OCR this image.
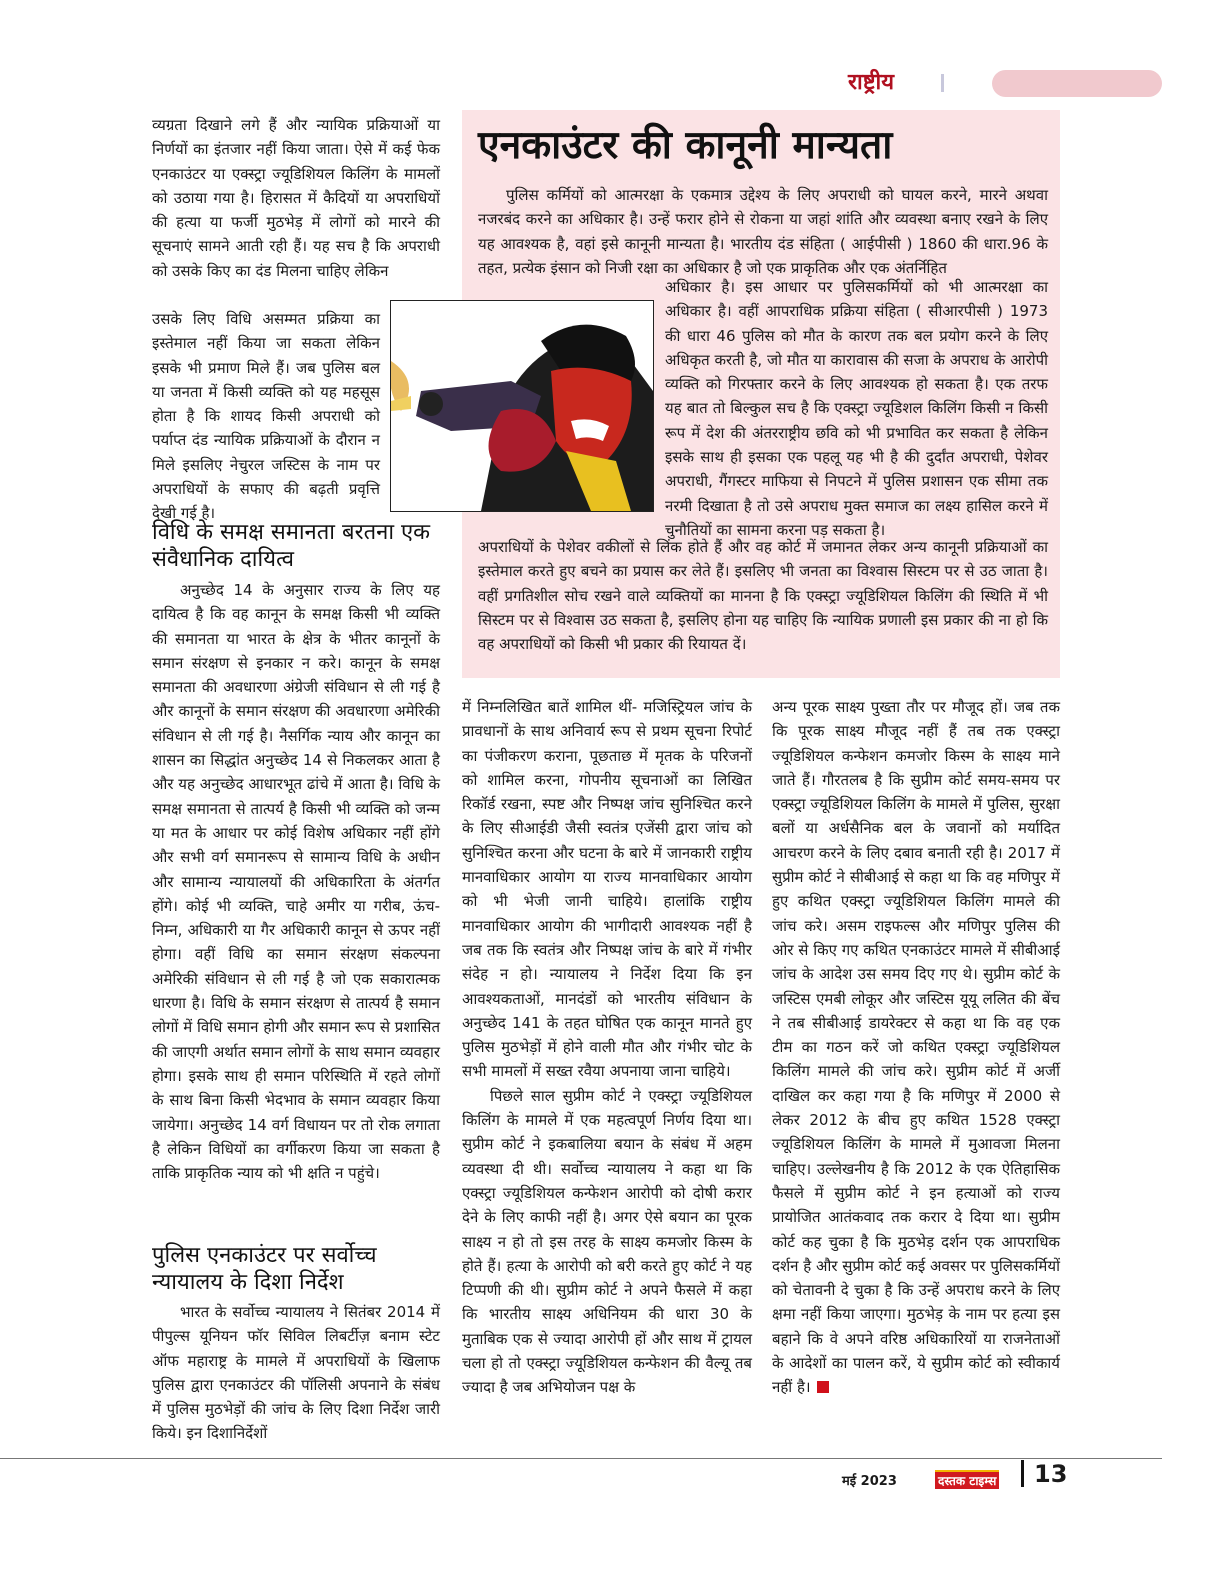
राष्ट्रीय
एनकाउंटर की कानूनी मान्यता

पुलिस कर्मियों को आत्मरक्षा के एकमात्र उद्देश्य के लिए अपराधी को घायल करने, मारने अथवा नजरबंद करने का अधिकार है। उन्हें फरार होने से रोकना या जहां शांति और व्यवस्था बनाए रखने के लिए यह आवश्यक है, वहां इसे कानूनी मान्यता है। भारतीय दंड संहिता ( आईपीसी ) 1860 की धारा.96 के तहत, प्रत्येक इंसान को निजी रक्षा का अधिकार है जो एक प्राकृतिक और एक अंतर्निहित

अधिकार है। इस आधार पर पुलिसकर्मियों को भी आत्मरक्षा का अधिकार है। वहीं आपराधिक प्रक्रिया संहिता ( सीआरपीसी ) 1973 की धारा 46 पुलिस को मौत के कारण तक बल प्रयोग करने के लिए अधिकृत करती है, जो मौत या कारावास की सजा के अपराध के आरोपी व्यक्ति को गिरफ्तार करने के लिए आवश्यक हो सकता है। एक तरफ यह बात तो बिल्कुल सच है कि एक्स्ट्रा ज्यूडिशल किलिंग किसी न किसी रूप में देश की अंतरराष्ट्रीय छवि को भी प्रभावित कर सकता है लेकिन इसके साथ ही इसका एक पहलू यह भी है की दुर्दांत अपराधी, पेशेवर अपराधी, गैंगस्टर माफिया से निपटने में पुलिस प्रशासन एक सीमा तक नरमी दिखाता है तो उसे अपराध मुक्त समाज का लक्ष्य हासिल करने में चुनौतियों का सामना करना पड़ सकता है।

अपराधियों के पेशेवर वकीलों से लिंक होते हैं और वह कोर्ट में जमानत लेकर अन्य कानूनी प्रक्रियाओं का इस्तेमाल करते हुए बचने का प्रयास कर लेते हैं। इसलिए भी जनता का विश्वास सिस्टम पर से उठ जाता है। वहीं प्रगतिशील सोच रखने वाले व्यक्तियों का मानना है कि एक्स्ट्रा ज्यूडिशियल किलिंग की स्थिति में भी सिस्टम पर से विश्वास उठ सकता है, इसलिए होना यह चाहिए कि न्यायिक प्रणाली इस प्रकार की ना हो कि वह अपराधियों को किसी भी प्रकार की रियायत दें।

व्यग्रता दिखाने लगे हैं और न्यायिक प्रक्रियाओं या निर्णयों का इंतजार नहीं किया जाता। ऐसे में कई फेक एनकाउंटर या एक्स्ट्रा ज्यूडिशियल किलिंग के मामलों को उठाया गया है। हिरासत में कैदियों या अपराधियों की हत्या या फर्जी मुठभेड़ में लोगों को मारने की सूचनाएं सामने आती रही हैं। यह सच है कि अपराधी को उसके किए का दंड मिलना चाहिए लेकिन

उसके लिए विधि असम्मत प्रक्रिया का इस्तेमाल नहीं किया जा सकता लेकिन इसके भी प्रमाण मिले हैं। जब पुलिस बल या जनता में किसी व्यक्ति को यह महसूस होता है कि शायद किसी अपराधी को पर्याप्त दंड न्यायिक प्रक्रियाओं के दौरान न मिले इसलिए नेचुरल जस्टिस के नाम पर अपराधियों के सफाए की बढ़ती प्रवृत्ति देखी गई है।

विधि के समक्ष समानता बरतना एक संवैधानिक दायित्व

अनुच्छेद 14 के अनुसार राज्य के लिए यह दायित्व है कि वह कानून के समक्ष किसी भी व्यक्ति की समानता या भारत के क्षेत्र के भीतर कानूनों के समान संरक्षण से इनकार न करे। कानून के समक्ष समानता की अवधारणा अंग्रेजी संविधान से ली गई है और कानूनों के समान संरक्षण की अवधारणा अमेरिकी संविधान से ली गई है। नैसर्गिक न्याय और कानून का शासन का सिद्धांत अनुच्छेद 14 से निकलकर आता है और यह अनुच्छेद आधारभूत ढांचे में आता है। विधि के समक्ष समानता से तात्पर्य है किसी भी व्यक्ति को जन्म या मत के आधार पर कोई विशेष अधिकार नहीं होंगे और सभी वर्ग समानरूप से सामान्य विधि के अधीन और सामान्य न्यायालयों की अधिकारिता के अंतर्गत होंगे। कोई भी व्यक्ति, चाहे अमीर या गरीब, ऊंच-निम्न, अधिकारी या गैर अधिकारी कानून से ऊपर नहीं होगा। वहीं विधि का समान संरक्षण संकल्पना अमेरिकी संविधान से ली गई है जो एक सकारात्मक धारणा है। विधि के समान संरक्षण से तात्पर्य है समान लोगों में विधि समान होगी और समान रूप से प्रशासित की जाएगी अर्थात समान लोगों के साथ समान व्यवहार होगा। इसके साथ ही समान परिस्थिति में रहते लोगों के साथ बिना किसी भेदभाव के समान व्यवहार किया जायेगा। अनुच्छेद 14 वर्ग विधायन पर तो रोक लगाता है लेकिन विधियों का वर्गीकरण किया जा सकता है ताकि प्राकृतिक न्याय को भी क्षति न पहुंचे।

पुलिस एनकाउंटर पर सर्वोच्च न्यायालय के दिशा निर्देश

भारत के सर्वोच्च न्यायालय ने सितंबर 2014 में पीपुल्स यूनियन फॉर सिविल लिबर्टीज़ बनाम स्टेट ऑफ महाराष्ट्र के मामले में अपराधियों के खिलाफ पुलिस द्वारा एनकाउंटर की पॉलिसी अपनाने के संबंध में पुलिस मुठभेड़ों की जांच के लिए दिशा निर्देश जारी किये। इन दिशानिर्देशों

में निम्नलिखित बातें शामिल थीं- मजिस्ट्रियल जांच के प्रावधानों के साथ अनिवार्य रूप से प्रथम सूचना रिपोर्ट का पंजीकरण कराना, पूछताछ में मृतक के परिजनों को शामिल करना, गोपनीय सूचनाओं का लिखित रिकॉर्ड रखना, स्पष्ट और निष्पक्ष जांच सुनिश्चित करने के लिए सीआईडी जैसी स्वतंत्र एजेंसी द्वारा जांच को सुनिश्चित करना और घटना के बारे में जानकारी राष्ट्रीय मानवाधिकार आयोग या राज्य मानवाधिकार आयोग को भी भेजी जानी चाहिये। हालांकि राष्ट्रीय मानवाधिकार आयोग की भागीदारी आवश्यक नहीं है जब तक कि स्वतंत्र और निष्पक्ष जांच के बारे में गंभीर संदेह न हो। न्यायालय ने निर्देश दिया कि इन आवश्यकताओं, मानदंडों को भारतीय संविधान के अनुच्छेद 141 के तहत घोषित एक कानून मानते हुए पुलिस मुठभेड़ों में होने वाली मौत और गंभीर चोट के सभी मामलों में सख्त रवैया अपनाया जाना चाहिये।

पिछले साल सुप्रीम कोर्ट ने एक्स्ट्रा ज्यूडिशियल किलिंग के मामले में एक महत्वपूर्ण निर्णय दिया था। सुप्रीम कोर्ट ने इकबालिया बयान के संबंध में अहम व्यवस्था दी थी। सर्वोच्च न्यायालय ने कहा था कि एक्स्ट्रा ज्यूडिशियल कन्फेशन आरोपी को दोषी करार देने के लिए काफी नहीं है। अगर ऐसे बयान का पूरक साक्ष्य न हो तो इस तरह के साक्ष्य कमजोर किस्म के होते हैं। हत्या के आरोपी को बरी करते हुए कोर्ट ने यह टिप्पणी की थी। सुप्रीम कोर्ट ने अपने फैसले में कहा कि भारतीय साक्ष्य अधिनियम की धारा 30 के मुताबिक एक से ज्यादा आरोपी हों और साथ में ट्रायल चला हो तो एक्स्ट्रा ज्यूडिशियल कन्फेशन की वैल्यू तब ज्यादा है जब अभियोजन पक्ष के

अन्य पूरक साक्ष्य पुख्ता तौर पर मौजूद हों। जब तक कि पूरक साक्ष्य मौजूद नहीं हैं तब तक एक्स्ट्रा ज्यूडिशियल कन्फेशन कमजोर किस्म के साक्ष्य माने जाते हैं। गौरतलब है कि सुप्रीम कोर्ट समय-समय पर एक्स्ट्रा ज्यूडिशियल किलिंग के मामले में पुलिस, सुरक्षा बलों या अर्धसैनिक बल के जवानों को मर्यादित आचरण करने के लिए दबाव बनाती रही है। 2017 में सुप्रीम कोर्ट ने सीबीआई से कहा था कि वह मणिपुर में हुए कथित एक्स्ट्रा ज्यूडिशियल किलिंग मामले की जांच करे। असम राइफल्स और मणिपुर पुलिस की ओर से किए गए कथित एनकाउंटर मामले में सीबीआई जांच के आदेश उस समय दिए गए थे। सुप्रीम कोर्ट के जस्टिस एमबी लोकूर और जस्टिस यूयू ललित की बेंच ने तब सीबीआई डायरेक्टर से कहा था कि वह एक टीम का गठन करें जो कथित एक्स्ट्रा ज्यूडिशियल किलिंग मामले की जांच करे। सुप्रीम कोर्ट में अर्जी दाखिल कर कहा गया है कि मणिपुर में 2000 से लेकर 2012 के बीच हुए कथित 1528 एक्स्ट्रा ज्यूडिशियल किलिंग के मामले में मुआवजा मिलना चाहिए। उल्लेखनीय है कि 2012 के एक ऐतिहासिक फैसले में सुप्रीम कोर्ट ने इन हत्याओं को राज्य प्रायोजित आतंकवाद तक करार दे दिया था। सुप्रीम कोर्ट कह चुका है कि मुठभेड़ दर्शन एक आपराधिक दर्शन है और सुप्रीम कोर्ट कई अवसर पर पुलिसकर्मियों को चेतावनी दे चुका है कि उन्हें अपराध करने के लिए क्षमा नहीं किया जाएगा। मुठभेड़ के नाम पर हत्या इस बहाने कि वे अपने वरिष्ठ अधिकारियों या राजनेताओं के आदेशों का पालन करें, ये सुप्रीम कोर्ट को स्वीकार्य नहीं है।

मई 2023	दस्तक टाइम्स 13
